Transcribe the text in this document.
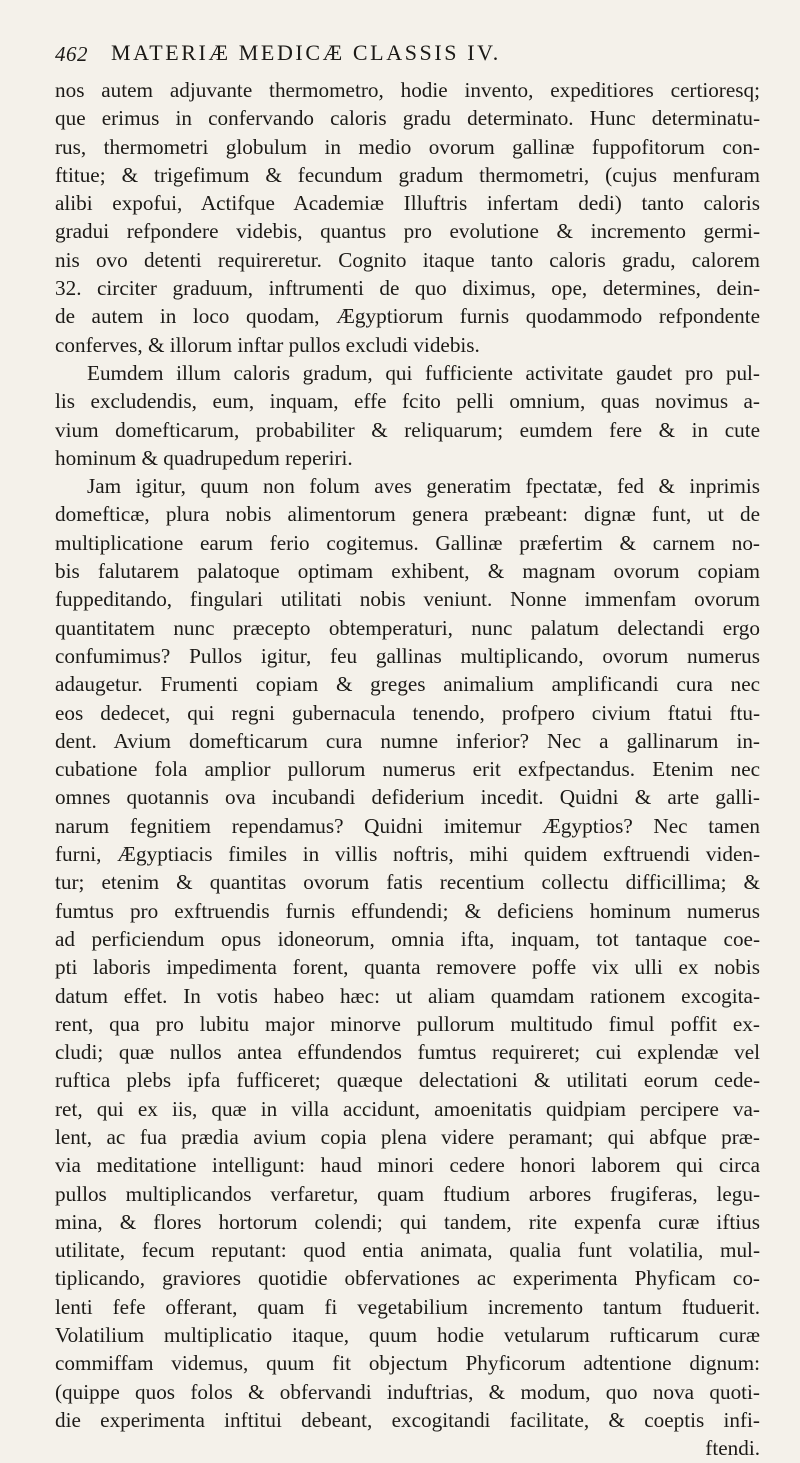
462 MATERIÆ MEDICÆ CLASSIS IV.
nos autem adjuvante thermometro, hodie invento, expeditiores certioresq;
que erimus in confervando caloris gradu determinato. Hunc determinatu-
rus, thermometri globulum in medio ovorum gallinæ fuppofitorum con-
ftitue; & trigefimum & fecundum gradum thermometri, (cujus menfuram
alibi expofui, Actifque Academiæ Illuftris infertam dedi) tanto caloris
gradui refpondere videbis, quantus pro evolutione & incremento germi-
nis ovo detenti requireretur. Cognito itaque tanto caloris gradu, calorem
32. circiter graduum, inftrumenti de quo diximus, ope, determines, dein-
de autem in loco quodam, Ægyptiorum furnis quodammodo refpondente
conferves, & illorum inftar pullos excludi videbis.
Eumdem illum caloris gradum, qui fufficiente activitate gaudet pro pul-
lis excludendis, eum, inquam, effe fcito pelli omnium, quas novimus a-
vium domefticarum, probabiliter & reliquarum; eumdem fere & in cute
hominum & quadrupedum reperiri.
Jam igitur, quum non folum aves generatim fpectatæ, fed & inprimis
domefticæ, plura nobis alimentorum genera præbeant: dignæ funt, ut de
multiplicatione earum ferio cogitemus. Gallinæ præfertim & carnem no-
bis falutarem palatoque optimam exhibent, & magnam ovorum copiam
fuppeditando, fingulari utilitati nobis veniunt. Nonne immenfam ovorum
quantitatem nunc præcepto obtemperaturi, nunc palatum delectandi ergo
confumimus? Pullos igitur, feu gallinas multiplicando, ovorum numerus
adaugetur. Frumenti copiam & greges animalium amplificandi cura nec
eos dedecet, qui regni gubernacula tenendo, profpero civium ftatui ftu-
dent. Avium domefticarum cura numne inferior? Nec a gallinarum in-
cubatione fola amplior pullorum numerus erit exfpectandus. Etenim nec
omnes quotannis ova incubandi defiderium incedit. Quidni & arte galli-
narum fegnitiem rependamus? Quidni imitemur Ægyptios? Nec tamen
furni, Ægyptiacis fimiles in villis noftris, mihi quidem exftruendi viden-
tur; etenim & quantitas ovorum fatis recentium collectu difficillima; &
fumtus pro exftruendis furnis effundendi; & deficiens hominum numerus
ad perficiendum opus idoneorum, omnia ifta, inquam, tot tantaque coe-
pti laboris impedimenta forent, quanta removere poffe vix ulli ex nobis
datum effet. In votis habeo hæc: ut aliam quamdam rationem excogita-
rent, qua pro lubitu major minorve pullorum multitudo fimul poffit ex-
cludi; quæ nullos antea effundendos fumtus requireret; cui explendæ vel
ruftica plebs ipfa fufficeret; quæque delectationi & utilitati eorum cede-
ret, qui ex iis, quæ in villa accidunt, amoenitatis quidpiam percipere va-
lent, ac fua prædia avium copia plena videre peramant; qui abfque præ-
via meditatione intelligunt: haud minori cedere honori laborem qui circa
pullos multiplicandos verfaretur, quam ftudium arbores frugiferas, legu-
mina, & flores hortorum colendi; qui tandem, rite expenfa curæ iftius
utilitate, fecum reputant: quod entia animata, qualia funt volatilia, mul-
tiplicando, graviores quotidie obfervationes ac experimenta Phyficam co-
lenti fefe offerant, quam fi vegetabilium incremento tantum ftuduerit.
Volatilium multiplicatio itaque, quum hodie vetularum rufticarum curæ
commiffam videmus, quum fit objectum Phyficorum adtentione dignum:
(quippe quos folos & obfervandi induftrias, & modum, quo nova quoti-
die experimenta inftitui debeant, excogitandi facilitate, & coeptis infi-
ftendi.
